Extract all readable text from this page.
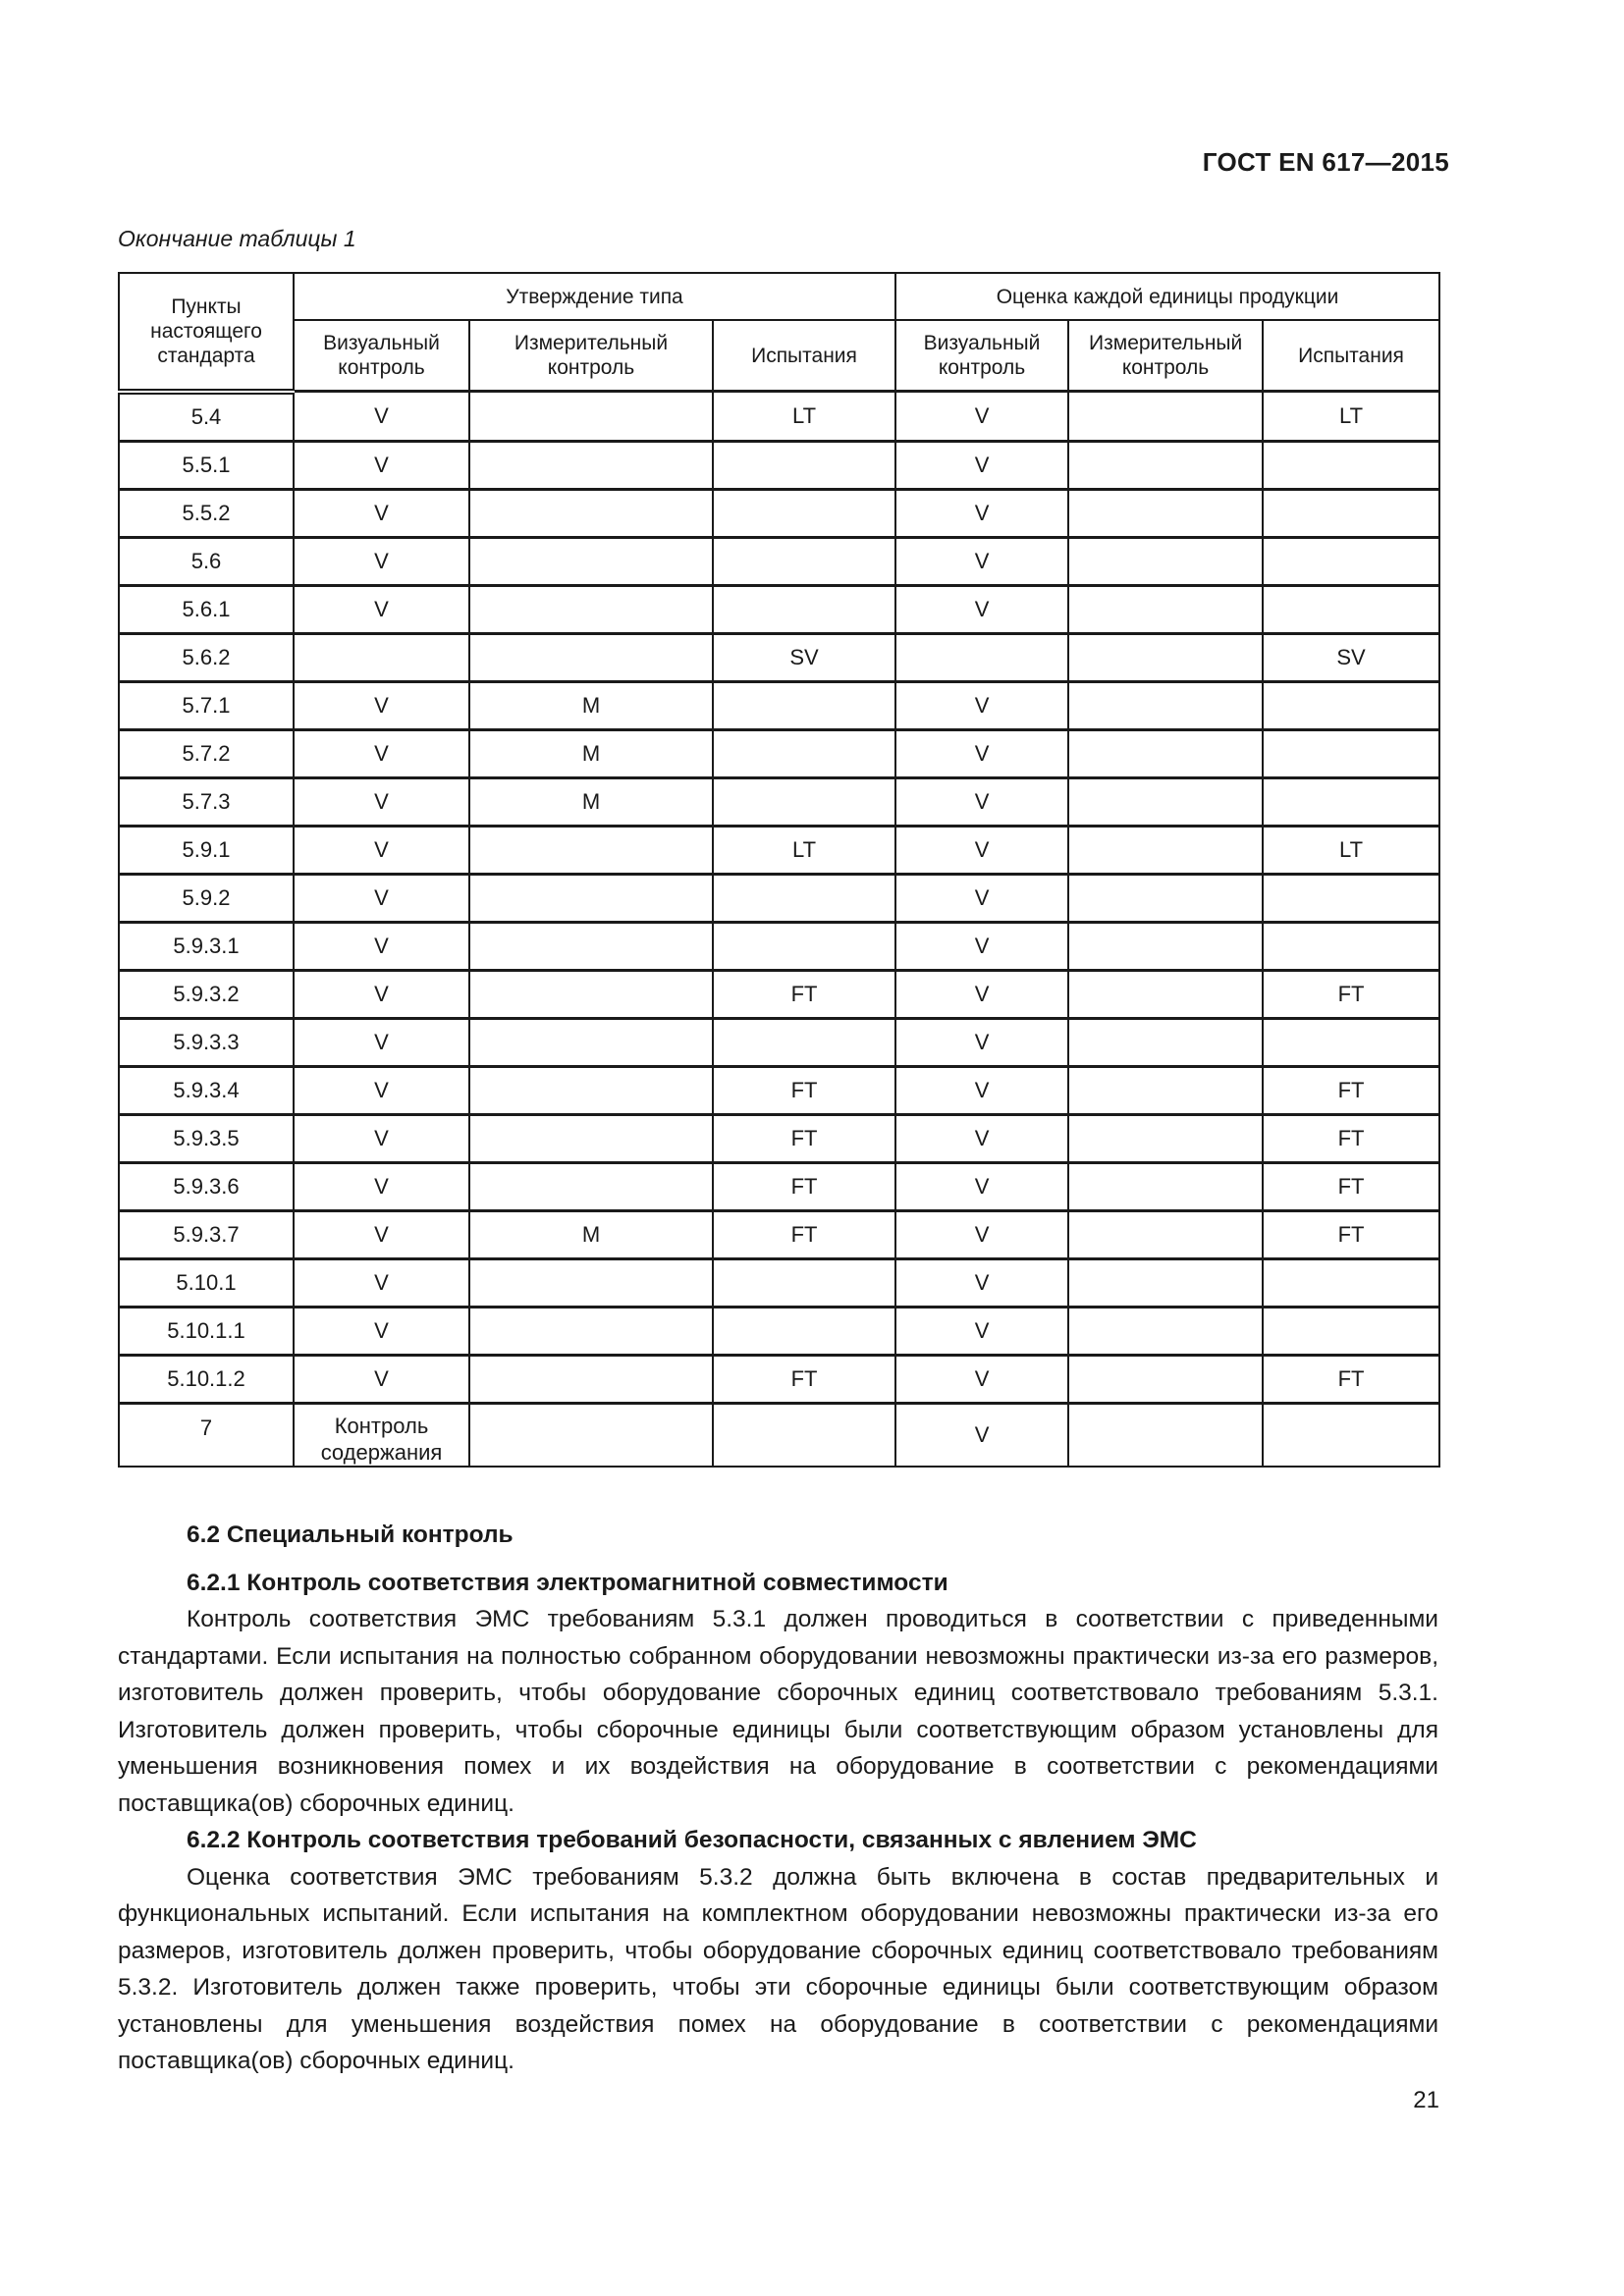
ГОСТ EN 617—2015
Окончание таблицы 1
Пункты настоящего стандарта	Утверждение типа			Оценка каждой единицы продукции		
	Визуальный контроль	Измерительный контроль	Испытания	Визуальный контроль	Измерительный контроль	Испытания
5.4	V		LT	V		LT
5.5.1	V			V		
5.5.2	V			V		
5.6	V			V		
5.6.1	V			V		
5.6.2			SV			SV
5.7.1	V	M		V		
5.7.2	V	M		V		
5.7.3	V	M		V		
5.9.1	V		LT	V		LT
5.9.2	V			V		
5.9.3.1	V			V		
5.9.3.2	V		FT	V		FT
5.9.3.3	V			V		
5.9.3.4	V		FT	V		FT
5.9.3.5	V		FT	V		FT
5.9.3.6	V		FT	V		FT
5.9.3.7	V	M	FT	V		FT
5.10.1	V			V		
5.10.1.1	V			V		
5.10.1.2	V		FT	V		FT
7	Контроль содержания			V		
6.2 Специальный контроль
6.2.1 Контроль соответствия электромагнитной совместимости
Контроль соответствия ЭМС требованиям 5.3.1 должен проводиться в соответствии с приведенными стандартами. Если испытания на полностью собранном оборудовании невозможны практически из-за его размеров, изготовитель должен проверить, чтобы оборудование сборочных единиц соответствовало требованиям 5.3.1. Изготовитель должен проверить, чтобы сборочные единицы были соответствующим образом установлены для уменьшения возникновения помех и их воздействия на оборудование в соответствии с рекомендациями поставщика(ов) сборочных единиц.
6.2.2 Контроль соответствия требований безопасности, связанных с явлением ЭМС
Оценка соответствия ЭМС требованиям 5.3.2 должна быть включена в состав предварительных и функциональных испытаний. Если испытания на комплектном оборудовании невозможны практически из-за его размеров, изготовитель должен проверить, чтобы оборудование сборочных единиц соответствовало требованиям 5.3.2. Изготовитель должен также проверить, чтобы эти сборочные единицы были соответствующим образом установлены для уменьшения воздействия помех на оборудование в соответствии с рекомендациями поставщика(ов) сборочных единиц.
21
